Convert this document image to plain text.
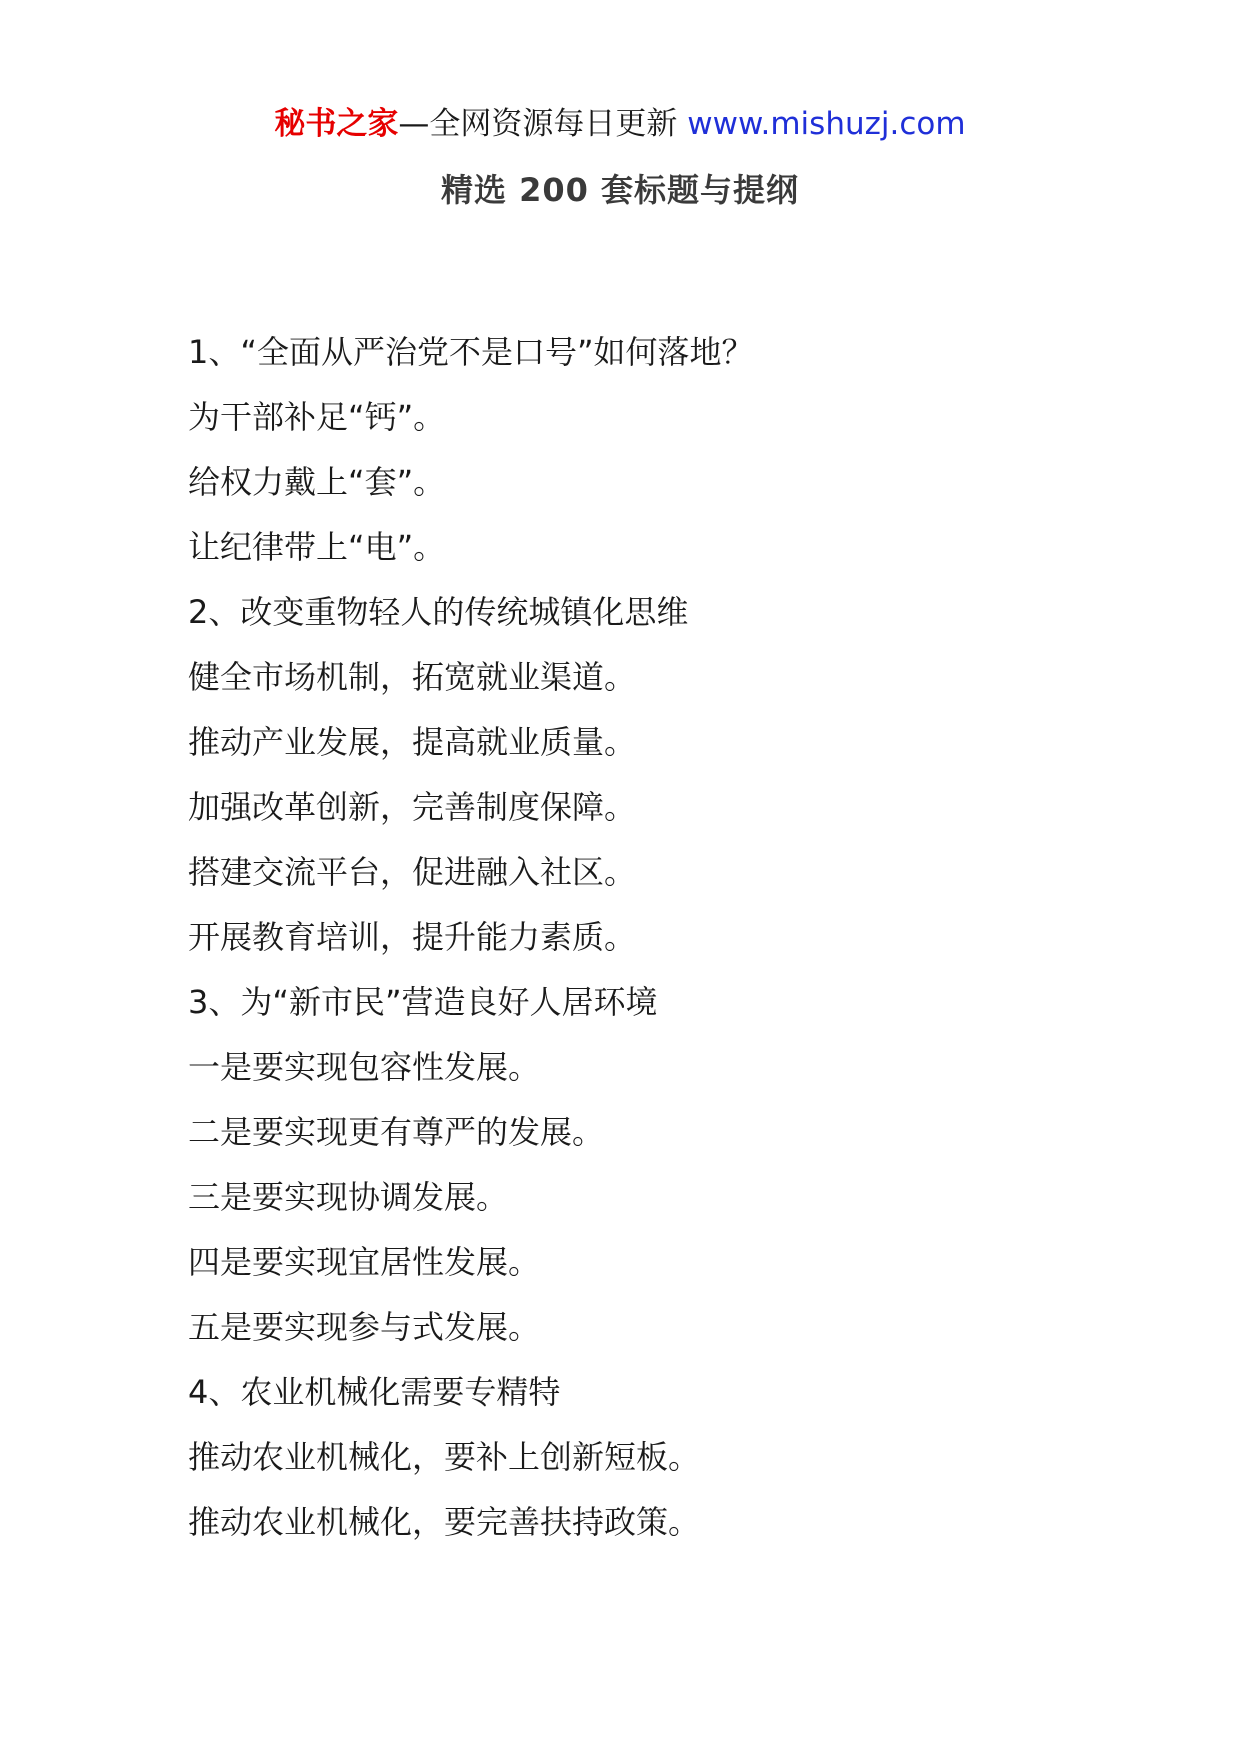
秘书之家—全网资源每日更新 www.mishuzj.com
精选 200 套标题与提纲
1、“全面从严治党不是口号”如何落地？
为干部补足“钙”。
给权力戴上“套”。
让纪律带上“电”。
2、改变重物轻人的传统城镇化思维
健全市场机制，拓宽就业渠道。
推动产业发展，提高就业质量。
加强改革创新，完善制度保障。
搭建交流平台，促进融入社区。
开展教育培训，提升能力素质。
3、为“新市民”营造良好人居环境
一是要实现包容性发展。
二是要实现更有尊严的发展。
三是要实现协调发展。
四是要实现宜居性发展。
五是要实现参与式发展。
4、农业机械化需要专精特
推动农业机械化，要补上创新短板。
推动农业机械化，要完善扶持政策。
